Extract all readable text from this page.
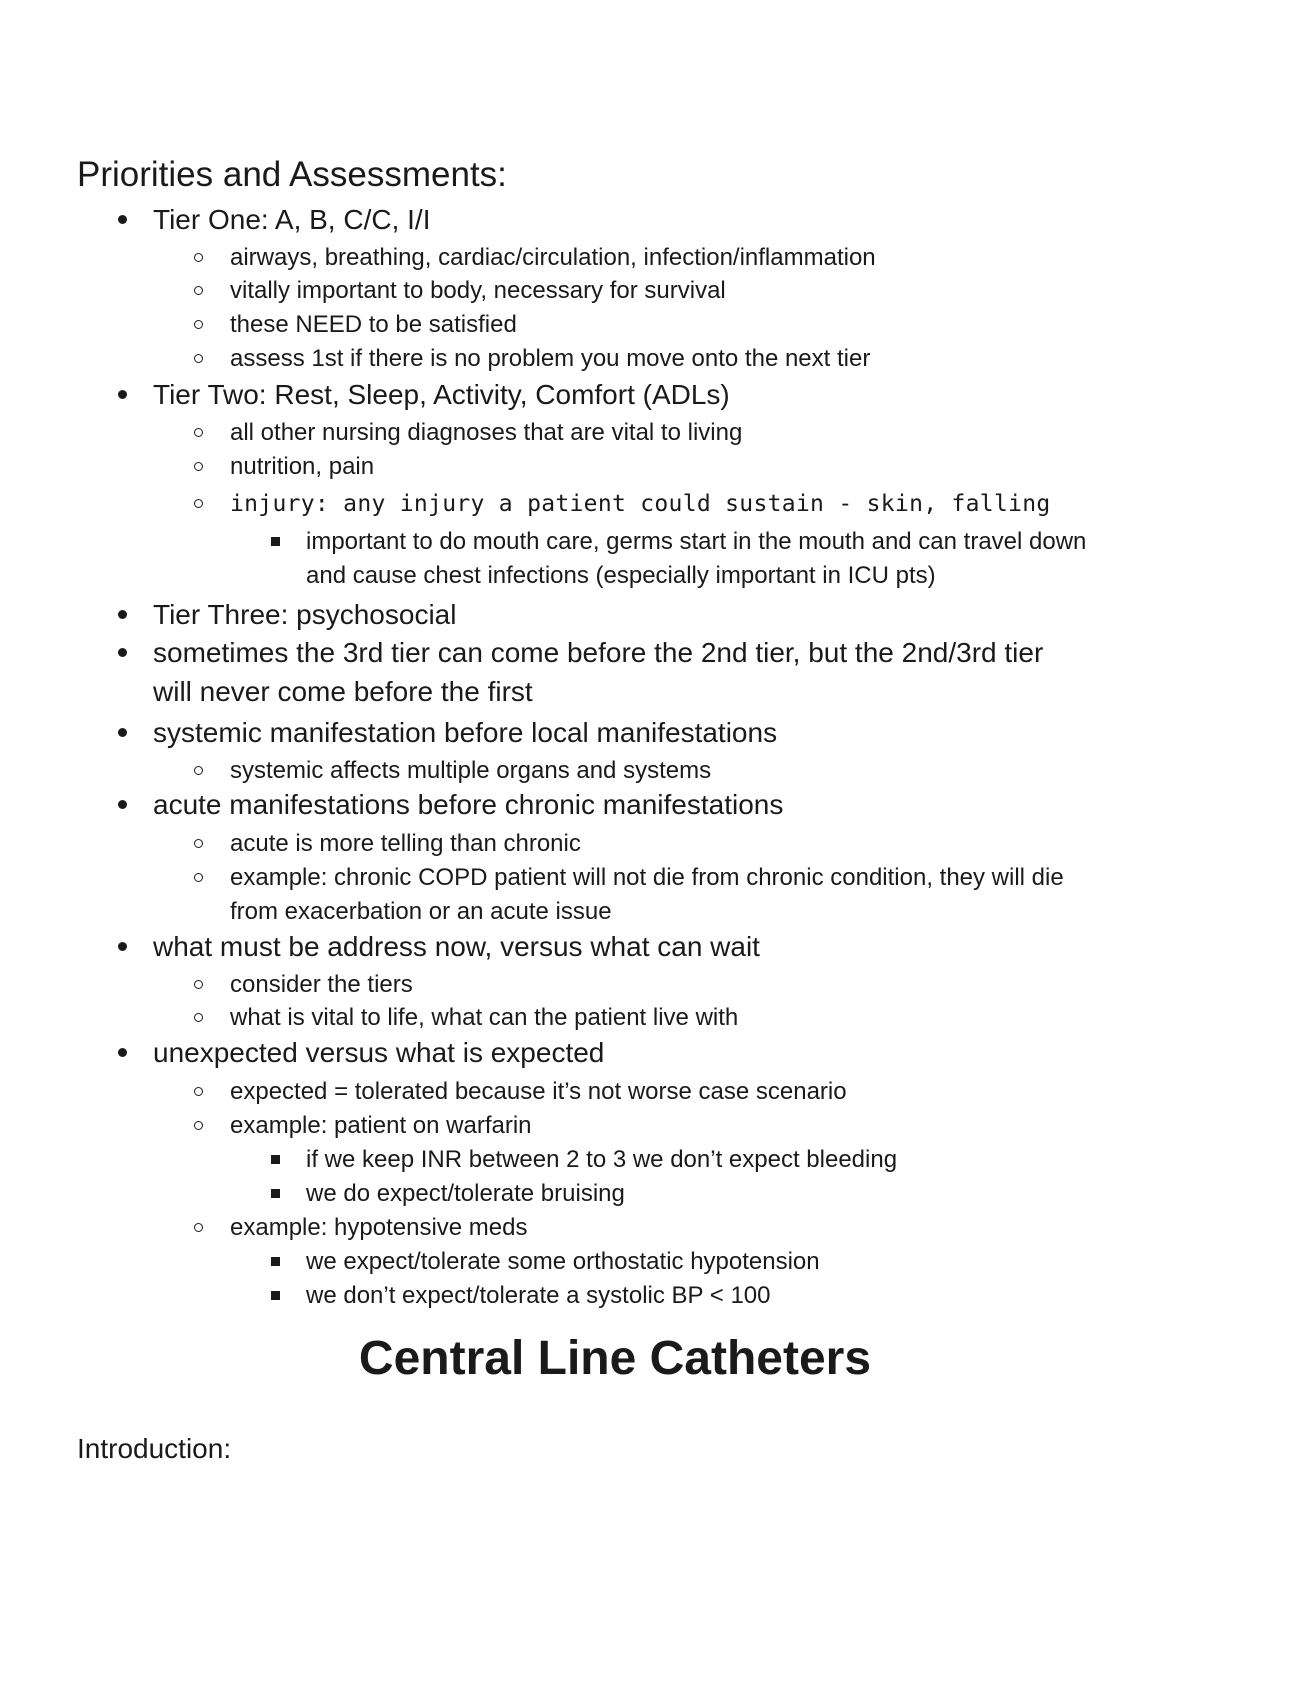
Priorities and Assessments:
Tier One: A, B, C/C, I/I
airways, breathing, cardiac/circulation, infection/inflammation
vitally important to body, necessary for survival
these NEED to be satisfied
assess 1st if there is no problem you move onto the next tier
Tier Two: Rest, Sleep, Activity, Comfort (ADLs)
all other nursing diagnoses that are vital to living
nutrition, pain
injury: any injury a patient could sustain - skin, falling
important to do mouth care, germs start in the mouth and can travel down
and cause chest infections (especially important in ICU pts)
Tier Three: psychosocial
sometimes the 3rd tier can come before the 2nd tier, but the 2nd/3rd tier
will never come before the first
systemic manifestation before local manifestations
systemic affects multiple organs and systems
acute manifestations before chronic manifestations
acute is more telling than chronic
example: chronic COPD patient will not die from chronic condition, they will die
from exacerbation or an acute issue
what must be address now, versus what can wait
consider the tiers
what is vital to life, what can the patient live with
unexpected versus what is expected
expected = tolerated because it’s not worse case scenario
example: patient on warfarin
if we keep INR between 2 to 3 we don’t expect bleeding
we do expect/tolerate bruising
example: hypotensive meds
we expect/tolerate some orthostatic hypotension
we don’t expect/tolerate a systolic BP < 100
Central Line Catheters
Introduction:
